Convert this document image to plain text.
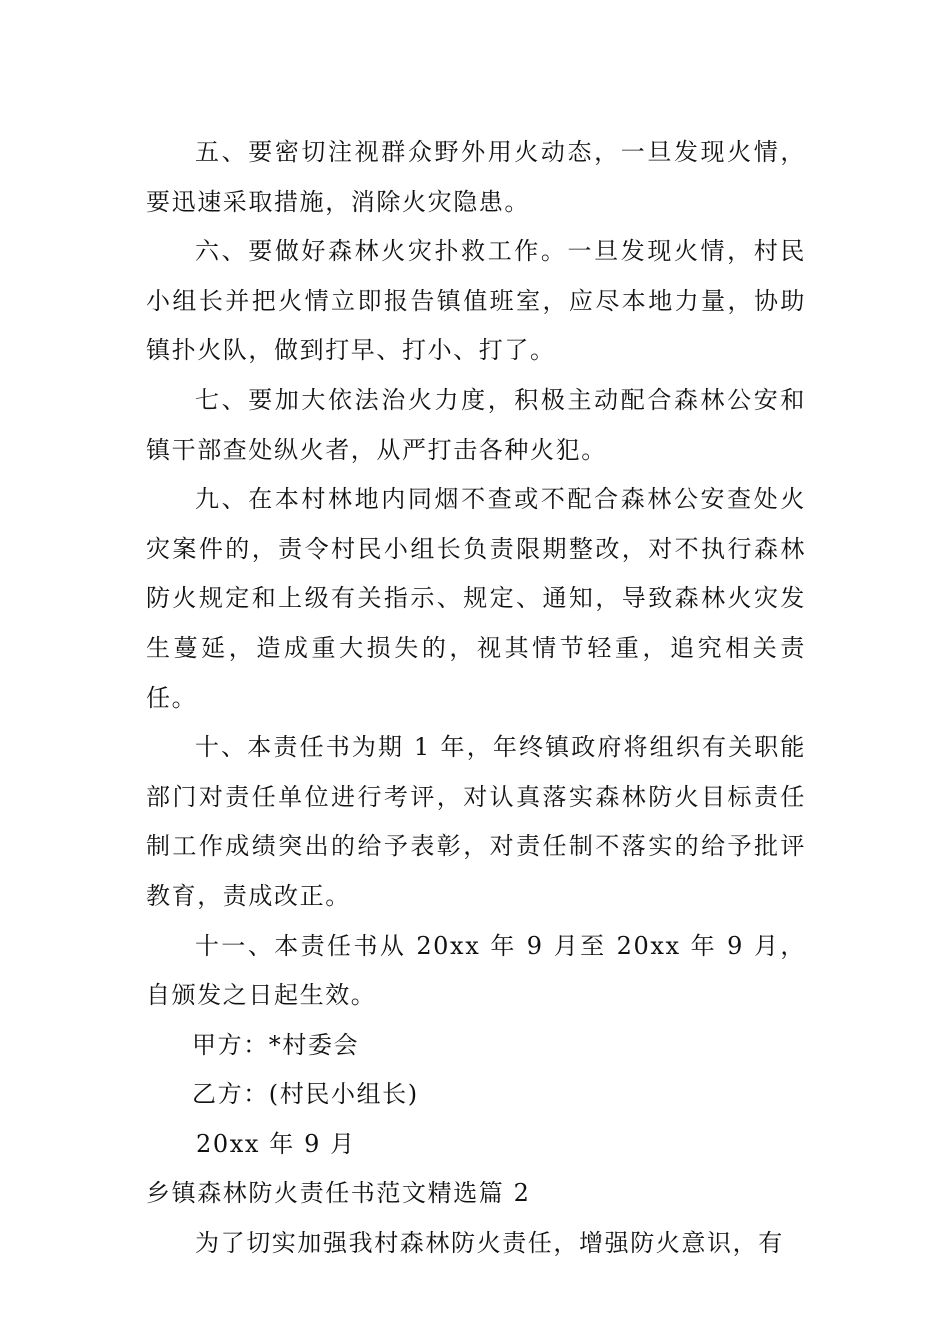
五、要密切注视群众野外用火动态，一旦发现火情，要迅速采取措施，消除火灾隐患。

六、要做好森林火灾扑救工作。一旦发现火情，村民小组长并把火情立即报告镇值班室，应尽本地力量，协助镇扑火队，做到打早、打小、打了。

七、要加大依法治火力度，积极主动配合森林公安和镇干部查处纵火者，从严打击各种火犯。

九、在本村林地内同烟不查或不配合森林公安查处火灾案件的，责令村民小组长负责限期整改，对不执行森林防火规定和上级有关指示、规定、通知，导致森林火灾发生蔓延，造成重大损失的，视其情节轻重，追究相关责任。

十、本责任书为期 1 年，年终镇政府将组织有关职能部门对责任单位进行考评，对认真落实森林防火目标责任制工作成绩突出的给予表彰，对责任制不落实的给予批评教育，责成改正。

十一、本责任书从 20xx 年 9 月至 20xx 年 9 月，自颁发之日起生效。

甲方：*村委会

乙方：(村民小组长)

20xx 年 9 月

乡镇森林防火责任书范文精选篇 2

为了切实加强我村森林防火责任，增强防火意识，有
